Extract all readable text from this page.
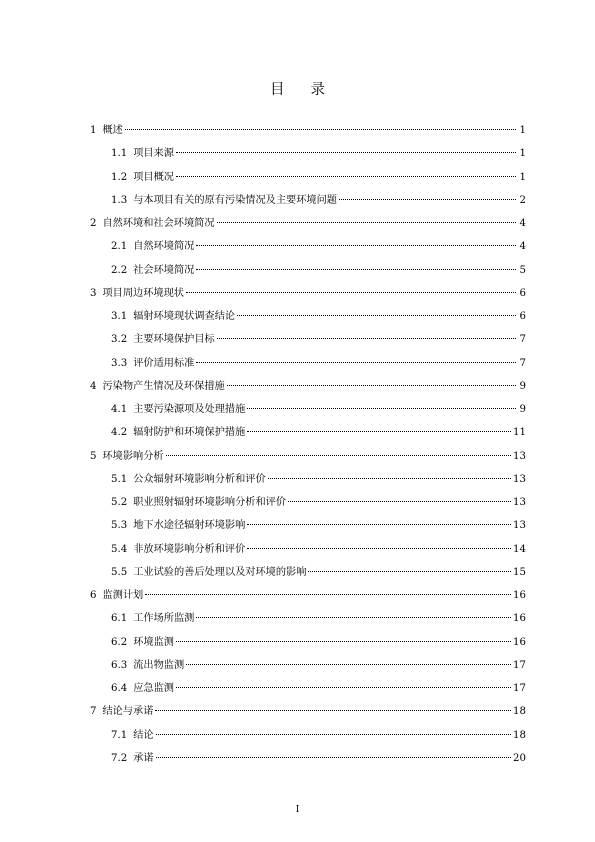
目 录
1 概述	1
1.1 项目来源	1
1.2 项目概况	1
1.3 与本项目有关的原有污染情况及主要环境问题	2
2 自然环境和社会环境简况	4
2.1 自然环境简况	4
2.2 社会环境简况	5
3 项目周边环境现状	6
3.1 辐射环境现状调查结论	6
3.2 主要环境保护目标	7
3.3 评价适用标准	7
4 污染物产生情况及环保措施	9
4.1 主要污染源项及处理措施	9
4.2 辐射防护和环境保护措施	11
5 环境影响分析	13
5.1 公众辐射环境影响分析和评价	13
5.2 职业照射辐射环境影响分析和评价	13
5.3 地下水途径辐射环境影响	13
5.4 非放环境影响分析和评价	14
5.5 工业试验的善后处理以及对环境的影响	15
6 监测计划	16
6.1 工作场所监测	16
6.2 环境监测	16
6.3 流出物监测	17
6.4 应急监测	17
7 结论与承诺	18
7.1 结论	18
7.2 承诺	20
I
